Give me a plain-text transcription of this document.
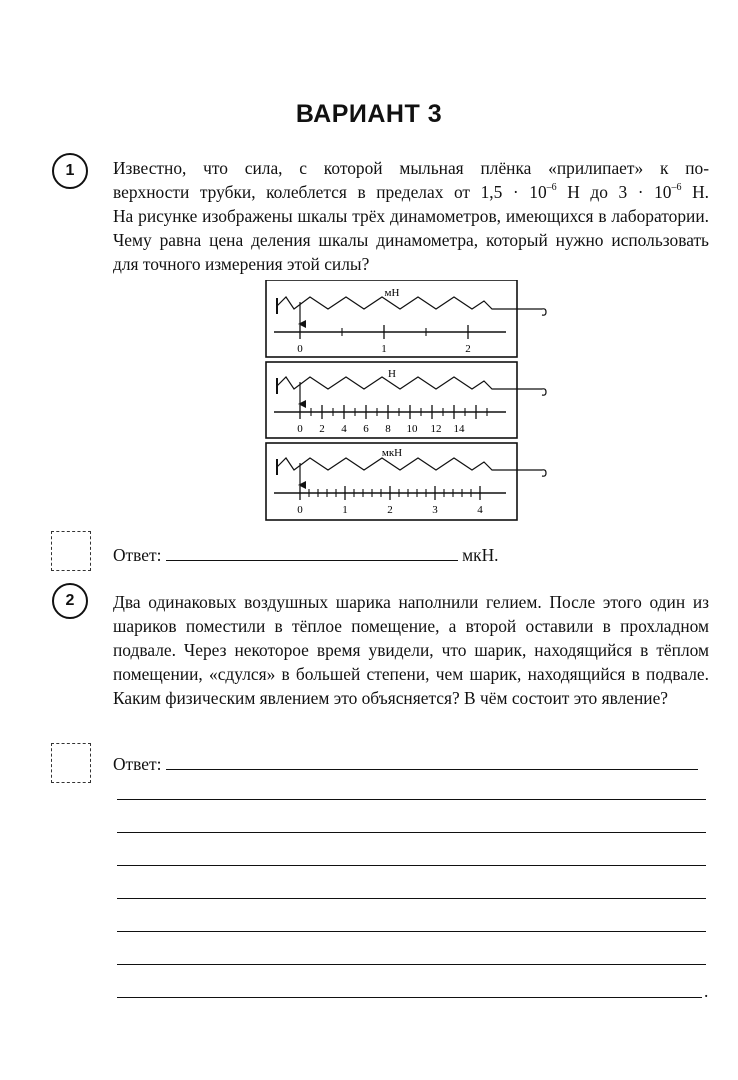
ВАРИАНТ 3
1	Известно, что сила, с которой мыльная плёнка «прилипает» к по-

верхности трубки, колеблется в пределах от $1,5 \cdot 10^{-6}$ Н до $3 \cdot 10^{-6}$ Н.

На рисунке изображены шкалы трёх динамометров, имеющихся в лаборатории. Чему равна цена деления шкалы динамометра, который нужно использовать для точного измерения этой силы?

мН
0	1	2
Н
0 2 4 6 8 10 12 14
мкН
0	1	2	3	4
Ответ:	мкН.
2	Два одинаковых воздушных шарика наполнили гелием. После этого один из шариков поместили в тёплое помещение, а второй оставили в прохладном подвале. Через некоторое время увидели, что шарик, находящийся в тёплом помещении, «сдулся» в большей степени, чем шарик, находящийся в подвале. Каким физическим явлением это объясняется? В чём состоит это явление?
Ответ:
.
